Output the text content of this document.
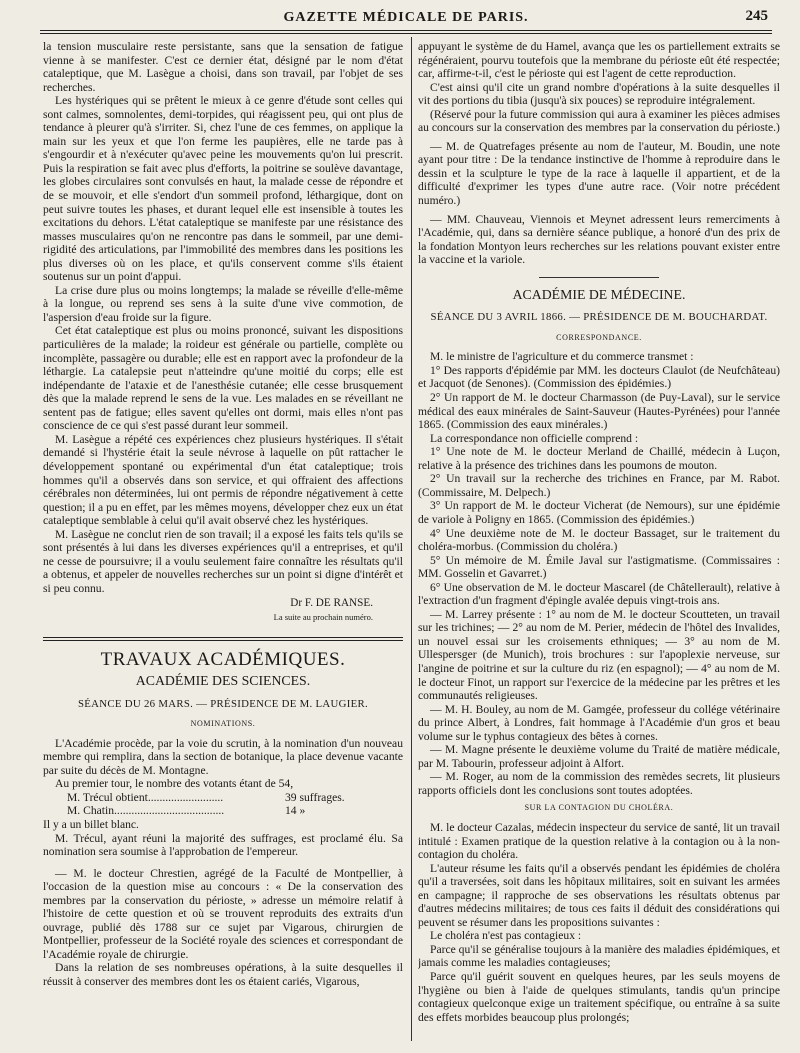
GAZETTE MÉDICALE DE PARIS.	245

la tension musculaire reste persistante, sans que la sensation de fatigue vienne à se manifester. C'est ce dernier état, désigné par le nom d'état cataleptique, que M. Lasègue a choisi, dans son travail, par l'objet de ses recherches.

Les hystériques qui se prêtent le mieux à ce genre d'étude sont celles qui sont calmes, somnolentes, demi-torpides, qui réagissent peu, qui ont plus de tendance à pleurer qu'à s'irriter. Si, chez l'une de ces femmes, on applique la main sur les yeux et que l'on ferme les paupières, elle ne tarde pas à s'engourdir et à n'exécuter qu'avec peine les mouvements qu'on lui prescrit. Puis la respiration se fait avec plus d'efforts, la poitrine se soulève davantage, les globes circulaires sont convulsés en haut, la malade cesse de répondre et de se mouvoir, et elle s'endort d'un sommeil profond, léthargique, dont on peut suivre toutes les phases, et durant lequel elle est insensible à toutes les excitations du dehors. L'état cataleptique se manifeste par une résistance des masses musculaires qu'on ne rencontre pas dans le sommeil, par une demi-rigidité des articulations, par l'immobilité des membres dans les positions les plus diverses où on les place, et qu'ils conservent comme s'ils étaient soutenus sur un point d'appui.

La crise dure plus ou moins longtemps; la malade se réveille d'elle-même à la longue, ou reprend ses sens à la suite d'une vive commotion, de l'aspersion d'eau froide sur la figure.

Cet état cataleptique est plus ou moins prononcé, suivant les dispositions particulières de la malade; la roideur est générale ou partielle, complète ou incomplète, passagère ou durable; elle est en rapport avec la profondeur de la léthargie. La catalepsie peut n'atteindre qu'une moitié du corps; elle est indépendante de l'ataxie et de l'anesthésie cutanée; elle cesse brusquement dès que la malade reprend le sens de la vue. Les malades en se réveillant ne sentent pas de fatigue; elles savent qu'elles ont dormi, mais elles n'ont pas conscience de ce qui s'est passé durant leur sommeil.

M. Lasègue a répété ces expériences chez plusieurs hystériques. Il s'était demandé si l'hystérie était la seule névrose à laquelle on pût rattacher le développement spontané ou expérimental d'un état cataleptique; trois hommes qu'il a observés dans son service, et qui offraient des affections cérébrales non déterminées, lui ont permis de répondre négativement à cette question; il a pu en effet, par les mêmes moyens, développer chez eux un état cataleptique semblable à celui qu'il avait observé chez les hystériques.

M. Lasègue ne conclut rien de son travail; il a exposé les faits tels qu'ils se sont présentés à lui dans les diverses expériences qu'il a entreprises, et qu'il ne cesse de poursuivre; il a voulu seulement faire connaître les résultats qu'il a obtenus, et appeler de nouvelles recherches sur un point si digne d'intérêt et si peu connu.

Dr F. DE RANSE.
La suite au prochain numéro.
TRAVAUX ACADÉMIQUES.
ACADÉMIE DES SCIENCES.
SÉANCE DU 26 MARS. — PRÉSIDENCE DE M. LAUGIER.
NOMINATIONS.

L'Académie procède, par la voie du scrutin, à la nomination d'un nouveau membre qui remplira, dans la section de botanique, la place devenue vacante par suite du décès de M. Montagne.

Au premier tour, le nombre des votants étant de 54,

M. Trécul obtient..........................	39 suffrages.
M. Chatin......................................	14 »

Il y a un billet blanc.

M. Trécul, ayant réuni la majorité des suffrages, est proclamé élu. Sa nomination sera soumise à l'approbation de l'empereur.

— M. le docteur Chrestien, agrégé de la Faculté de Montpellier, à l'occasion de la question mise au concours : « De la conservation des membres par la conservation du périoste, » adresse un mémoire relatif à l'histoire de cette question et où se trouvent reproduits des extraits d'un ouvrage, publié dès 1788 sur ce sujet par Vigarous, chirurgien de Montpellier, professeur de la Société royale des sciences et correspondant de l'Académie royale de chirurgie.

Dans la relation de ses nombreuses opérations, à la suite desquelles il réussit à conserver des membres dont les os étaient cariés, Vigarous,

appuyant le système de du Hamel, avança que les os partiellement extraits se régénéraient, pourvu toutefois que la membrane du périoste eût été respectée; car, affirme-t-il, c'est le périoste qui est l'agent de cette reproduction.

C'est ainsi qu'il cite un grand nombre d'opérations à la suite desquelles il vit des portions du tibia (jusqu'à six pouces) se reproduire intégralement.

(Réservé pour la future commission qui aura à examiner les pièces admises au concours sur la conservation des membres par la conservation du périoste.)

— M. de Quatrefages présente au nom de l'auteur, M. Boudin, une note ayant pour titre : De la tendance instinctive de l'homme à reproduire dans le dessin et la sculpture le type de la race à laquelle il appartient, et de la difficulté d'exprimer les types d'une autre race. (Voir notre précédent numéro.)

— MM. Chauveau, Viennois et Meynet adressent leurs remerciments à l'Académie, qui, dans sa dernière séance publique, a honoré d'un des prix de la fondation Montyon leurs recherches sur les relations pouvant exister entre la vaccine et la variole.

ACADÉMIE DE MÉDECINE.
SÉANCE DU 3 AVRIL 1866. — PRÉSIDENCE DE M. BOUCHARDAT.
CORRESPONDANCE.

M. le ministre de l'agriculture et du commerce transmet :

1° Des rapports d'épidémie par MM. les docteurs Claulot (de Neufchâteau) et Jacquot (de Senones). (Commission des épidémies.)

2° Un rapport de M. le docteur Charmasson (de Puy-Laval), sur le service médical des eaux minérales de Saint-Sauveur (Hautes-Pyrénées) pour l'année 1865. (Commission des eaux minérales.)

La correspondance non officielle comprend :

1° Une note de M. le docteur Merland de Chaillé, médecin à Luçon, relative à la présence des trichines dans les poumons de mouton.

2° Un travail sur la recherche des trichines en France, par M. Rabot. (Commissaire, M. Delpech.)

3° Un rapport de M. le docteur Vicherat (de Nemours), sur une épidémie de variole à Poligny en 1865. (Commission des épidémies.)

4° Une deuxième note de M. le docteur Bassaget, sur le traitement du choléra-morbus. (Commission du choléra.)

5° Un mémoire de M. Émile Javal sur l'astigmatisme. (Commissaires : MM. Gosselin et Gavarret.)

6° Une observation de M. le docteur Mascarel (de Châtellerault), relative à l'extraction d'un fragment d'épingle avalée depuis vingt-trois ans.

— M. Larrey présente : 1° au nom de M. le docteur Scoutteten, un travail sur les trichines; — 2° au nom de M. Perier, médecin de l'hôtel des Invalides, un nouvel essai sur les croisements ethniques; — 3° au nom de M. Ullespersger (de Munich), trois brochures : sur l'apoplexie nerveuse, sur l'angine de poitrine et sur la culture du riz (en espagnol); — 4° au nom de M. le docteur Finot, un rapport sur l'exercice de la médecine par les prêtres et les communautés religieuses.

— M. H. Bouley, au nom de M. Gamgée, professeur du collége vétérinaire du prince Albert, à Londres, fait hommage à l'Académie d'un gros et beau volume sur le typhus contagieux des bêtes à cornes.

— M. Magne présente le deuxième volume du Traité de matière médicale, par M. Tabourin, professeur adjoint à Alfort.

— M. Roger, au nom de la commission des remèdes secrets, lit plusieurs rapports officiels dont les conclusions sont toutes adoptées.

SUR LA CONTAGION DU CHOLÉRA.

M. le docteur Cazalas, médecin inspecteur du service de santé, lit un travail intitulé : Examen pratique de la question relative à la contagion ou à la non-contagion du choléra.

L'auteur résume les faits qu'il a observés pendant les épidémies de choléra qu'il a traversées, soit dans les hôpitaux militaires, soit en suivant les armées en campagne; il rapproche de ses observations les résultats obtenus par d'autres médecins militaires; de tous ces faits il déduit des considérations qui peuvent se résumer dans les propositions suivantes :

Le choléra n'est pas contagieux :

Parce qu'il se généralise toujours à la manière des maladies épidémiques, et jamais comme les maladies contagieuses;

Parce qu'il guérit souvent en quelques heures, par les seuls moyens de l'hygiène ou bien à l'aide de quelques stimulants, tandis qu'un principe contagieux quelconque exige un traitement spécifique, ou entraîne à sa suite des effets morbides beaucoup plus prolongés;
